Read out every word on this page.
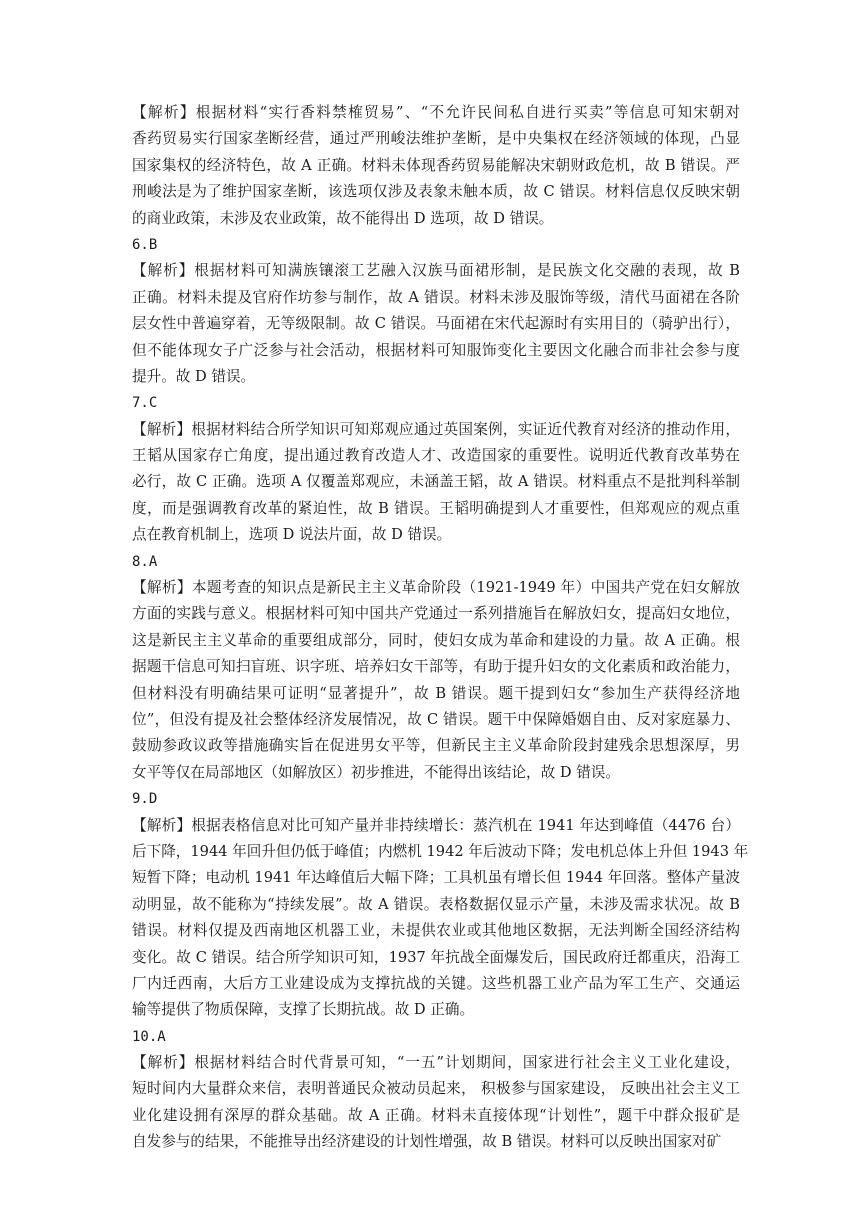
【解析】根据材料“实行香料禁榷贸易”、“不允许民间私自进行买卖”等信息可知宋朝对
香药贸易实行国家垄断经营，通过严刑峻法维护垄断，是中央集权在经济领域的体现，凸显
国家集权的经济特色，故 A 正确。材料未体现香药贸易能解决宋朝财政危机，故 B 错误。严
刑峻法是为了维护国家垄断，该选项仅涉及表象未触本质，故 C 错误。材料信息仅反映宋朝
的商业政策，未涉及农业政策，故不能得出 D 选项，故 D 错误。
6.B
【解析】根据材料可知满族镶滚工艺融入汉族马面裙形制，是民族文化交融的表现，故 B
正确。材料未提及官府作坊参与制作，故 A 错误。材料未涉及服饰等级，清代马面裙在各阶
层女性中普遍穿着，无等级限制。故 C 错误。马面裙在宋代起源时有实用目的（骑驴出行），
但不能体现女子广泛参与社会活动，根据材料可知服饰变化主要因文化融合而非社会参与度
提升。故 D 错误。
7.C
【解析】根据材料结合所学知识可知郑观应通过英国案例，实证近代教育对经济的推动作用，
王韬从国家存亡角度，提出通过教育改造人才、改造国家的重要性。说明近代教育改革势在
必行，故 C 正确。选项 A 仅覆盖郑观应，未涵盖王韬，故 A 错误。材料重点不是批判科举制
度，而是强调教育改革的紧迫性，故 B 错误。王韬明确提到人才重要性，但郑观应的观点重
点在教育机制上，选项 D 说法片面，故 D 错误。
8.A
【解析】本题考查的知识点是新民主主义革命阶段（1921-1949 年）中国共产党在妇女解放
方面的实践与意义。根据材料可知中国共产党通过一系列措施旨在解放妇女，提高妇女地位，
这是新民主主义革命的重要组成部分，同时，使妇女成为革命和建设的力量。故 A 正确。根
据题干信息可知扫盲班、识字班、培养妇女干部等，有助于提升妇女的文化素质和政治能力，
但材料没有明确结果可证明“显著提升”，故 B 错误。题干提到妇女“参加生产获得经济地
位”，但没有提及社会整体经济发展情况，故 C 错误。题干中保障婚姻自由、反对家庭暴力、
鼓励参政议政等措施确实旨在促进男女平等，但新民主主义革命阶段封建残余思想深厚，男
女平等仅在局部地区（如解放区）初步推进，不能得出该结论，故 D 错误。
9.D
【解析】根据表格信息对比可知产量并非持续增长：蒸汽机在 1941 年达到峰值（4476 台）
后下降，1944 年回升但仍低于峰值；内燃机 1942 年后波动下降；发电机总体上升但 1943 年
短暂下降；电动机 1941 年达峰值后大幅下降；工具机虽有增长但 1944 年回落。整体产量波
动明显，故不能称为“持续发展”。故 A 错误。表格数据仅显示产量，未涉及需求状况。故 B
错误。材料仅提及西南地区机器工业，未提供农业或其他地区数据，无法判断全国经济结构
变化。故 C 错误。结合所学知识可知，1937 年抗战全面爆发后，国民政府迁都重庆，沿海工
厂内迁西南，大后方工业建设成为支撑抗战的关键。这些机器工业产品为军工生产、交通运
输等提供了物质保障，支撑了长期抗战。故 D 正确。
10.A
【解析】根据材料结合时代背景可知，“一五”计划期间，国家进行社会主义工业化建设，
短时间内大量群众来信，表明普通民众被动员起来， 积极参与国家建设， 反映出社会主义工
业化建设拥有深厚的群众基础。故 A 正确。材料未直接体现“计划性”，题干中群众报矿是
自发参与的结果，不能推导出经济建设的计划性增强，故 B 错误。材料可以反映出国家对矿
